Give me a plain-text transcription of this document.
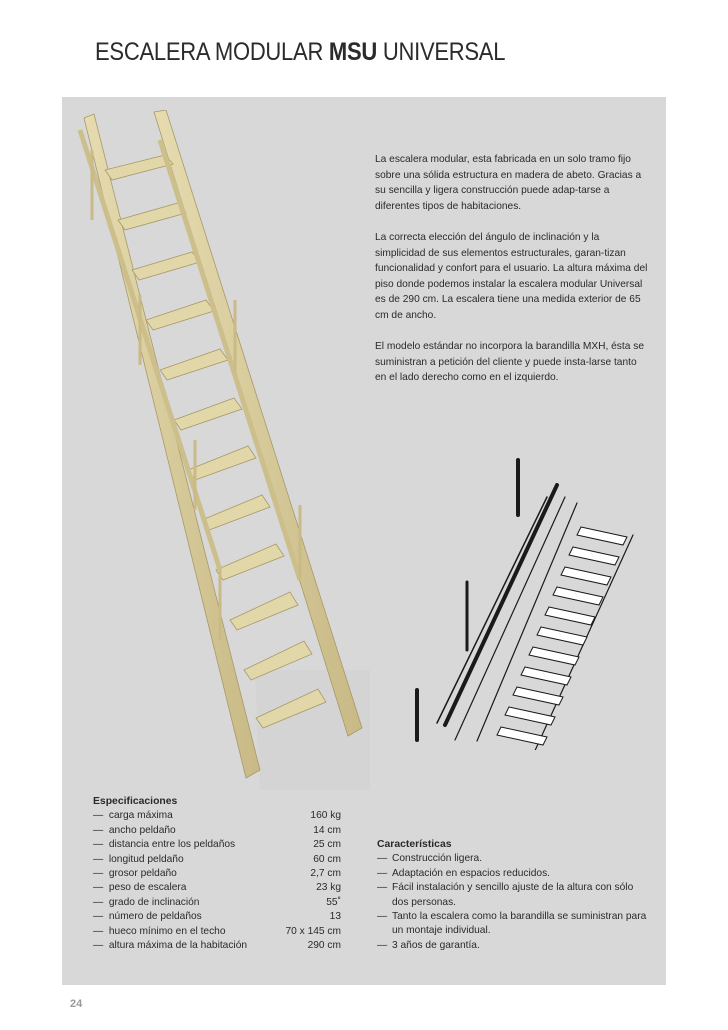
ESCALERA MODULAR MSU UNIVERSAL

La escalera modular, esta fabricada en un solo tramo fijo sobre una sólida estructura en madera de abeto. Gracias a su sencilla y ligera construcción puede adap-tarse a diferentes tipos de habitaciones.

La correcta elección del ángulo de inclinación y la simplicidad de sus elementos estructurales, garan-tizan funcionalidad y confort para el usuario. La altura máxima del piso donde podemos instalar la escalera modular Universal es de 290 cm. La escalera tiene una medida exterior de 65 cm de ancho.

El modelo estándar no incorpora la barandilla MXH, ésta se suministran a petición del cliente y puede insta-larse tanto en el lado derecho como en el izquierdo.

Especificaciones
— carga máxima	160 kg
— ancho peldaño	14 cm
— distancia entre los peldaños	25 cm
— longitud peldaño	60 cm
— grosor peldaño	2,7 cm
— peso de escalera	23 kg
— grado de inclinación	55˚
— número de peldaños	13
— hueco mínimo en el techo	70 x 145 cm
— altura máxima de la habitación	290 cm
Características
— Construcción ligera.
— Adaptación en espacios reducidos.
— Fácil instalación y sencillo ajuste de la altura con sólo dos personas.
— Tanto la escalera como la barandilla se suministran para un montaje individual.
— 3 años de garantía.
24
